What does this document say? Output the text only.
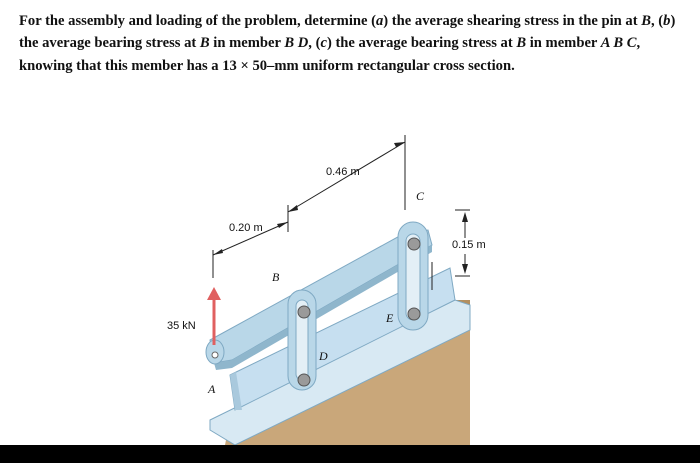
For the assembly and loading of the problem, determine (a) the average shearing stress in the pin at B, (b) the average bearing stress at B in member B D, (c) the average bearing stress at B in member A B C, knowing that this member has a 13 × 50–mm uniform rectangular cross section.

0.46 m
0.20 m
0.15 m
35 kN
A
B
C
D
E
